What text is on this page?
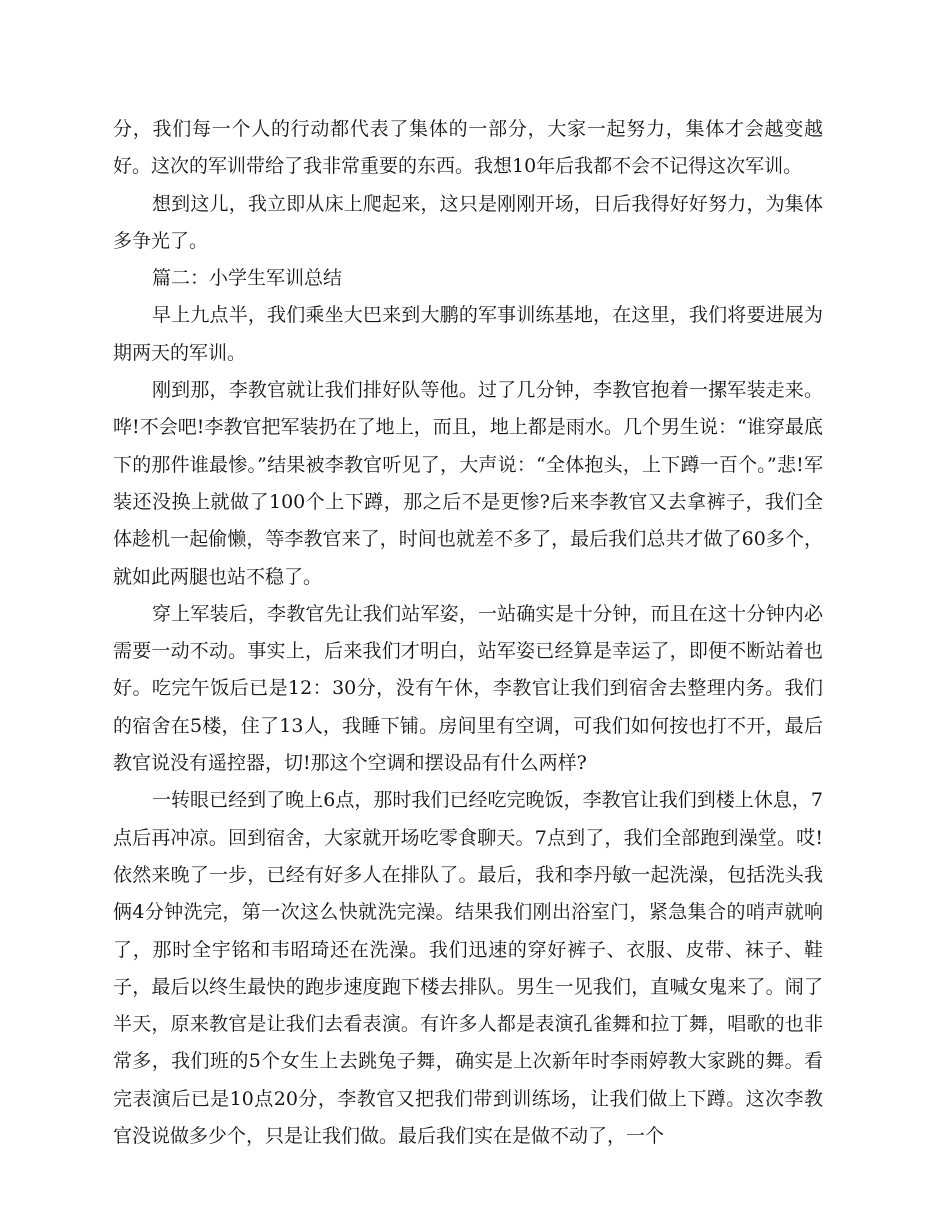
分，我们每一个人的行动都代表了集体的一部分，大家一起努力，集体才会越变越好。这次的军训带给了我非常重要的东西。我想10年后我都不会不记得这次军训。

想到这儿，我立即从床上爬起来，这只是刚刚开场，日后我得好好努力，为集体多争光了。

篇二：小学生军训总结

早上九点半，我们乘坐大巴来到大鹏的军事训练基地，在这里，我们将要进展为期两天的军训。

刚到那，李教官就让我们排好队等他。过了几分钟，李教官抱着一摞军装走来。哗!不会吧!李教官把军装扔在了地上，而且，地上都是雨水。几个男生说：“谁穿最底下的那件谁最惨。”结果被李教官听见了，大声说：“全体抱头，上下蹲一百个。”悲!军装还没换上就做了100个上下蹲，那之后不是更惨?后来李教官又去拿裤子，我们全体趁机一起偷懒，等李教官来了，时间也就差不多了，最后我们总共才做了60多个，就如此两腿也站不稳了。

穿上军装后，李教官先让我们站军姿，一站确实是十分钟，而且在这十分钟内必需要一动不动。事实上，后来我们才明白，站军姿已经算是幸运了，即便不断站着也好。吃完午饭后已是12：30分，没有午休，李教官让我们到宿舍去整理内务。我们的宿舍在5楼，住了13人，我睡下铺。房间里有空调，可我们如何按也打不开，最后教官说没有遥控器，切!那这个空调和摆设品有什么两样?

一转眼已经到了晚上6点，那时我们已经吃完晚饭，李教官让我们到楼上休息，7点后再冲凉。回到宿舍，大家就开场吃零食聊天。7点到了，我们全部跑到澡堂。哎!依然来晚了一步，已经有好多人在排队了。最后，我和李丹敏一起洗澡，包括洗头我俩4分钟洗完，第一次这么快就洗完澡。结果我们刚出浴室门，紧急集合的哨声就响了，那时全宇铭和韦昭琦还在洗澡。我们迅速的穿好裤子、衣服、皮带、袜子、鞋子，最后以终生最快的跑步速度跑下楼去排队。男生一见我们，直喊女鬼来了。闹了半天，原来教官是让我们去看表演。有许多人都是表演孔雀舞和拉丁舞，唱歌的也非常多，我们班的5个女生上去跳兔子舞，确实是上次新年时李雨婷教大家跳的舞。看完表演后已是10点20分，李教官又把我们带到训练场，让我们做上下蹲。这次李教官没说做多少个，只是让我们做。最后我们实在是做不动了，一个
